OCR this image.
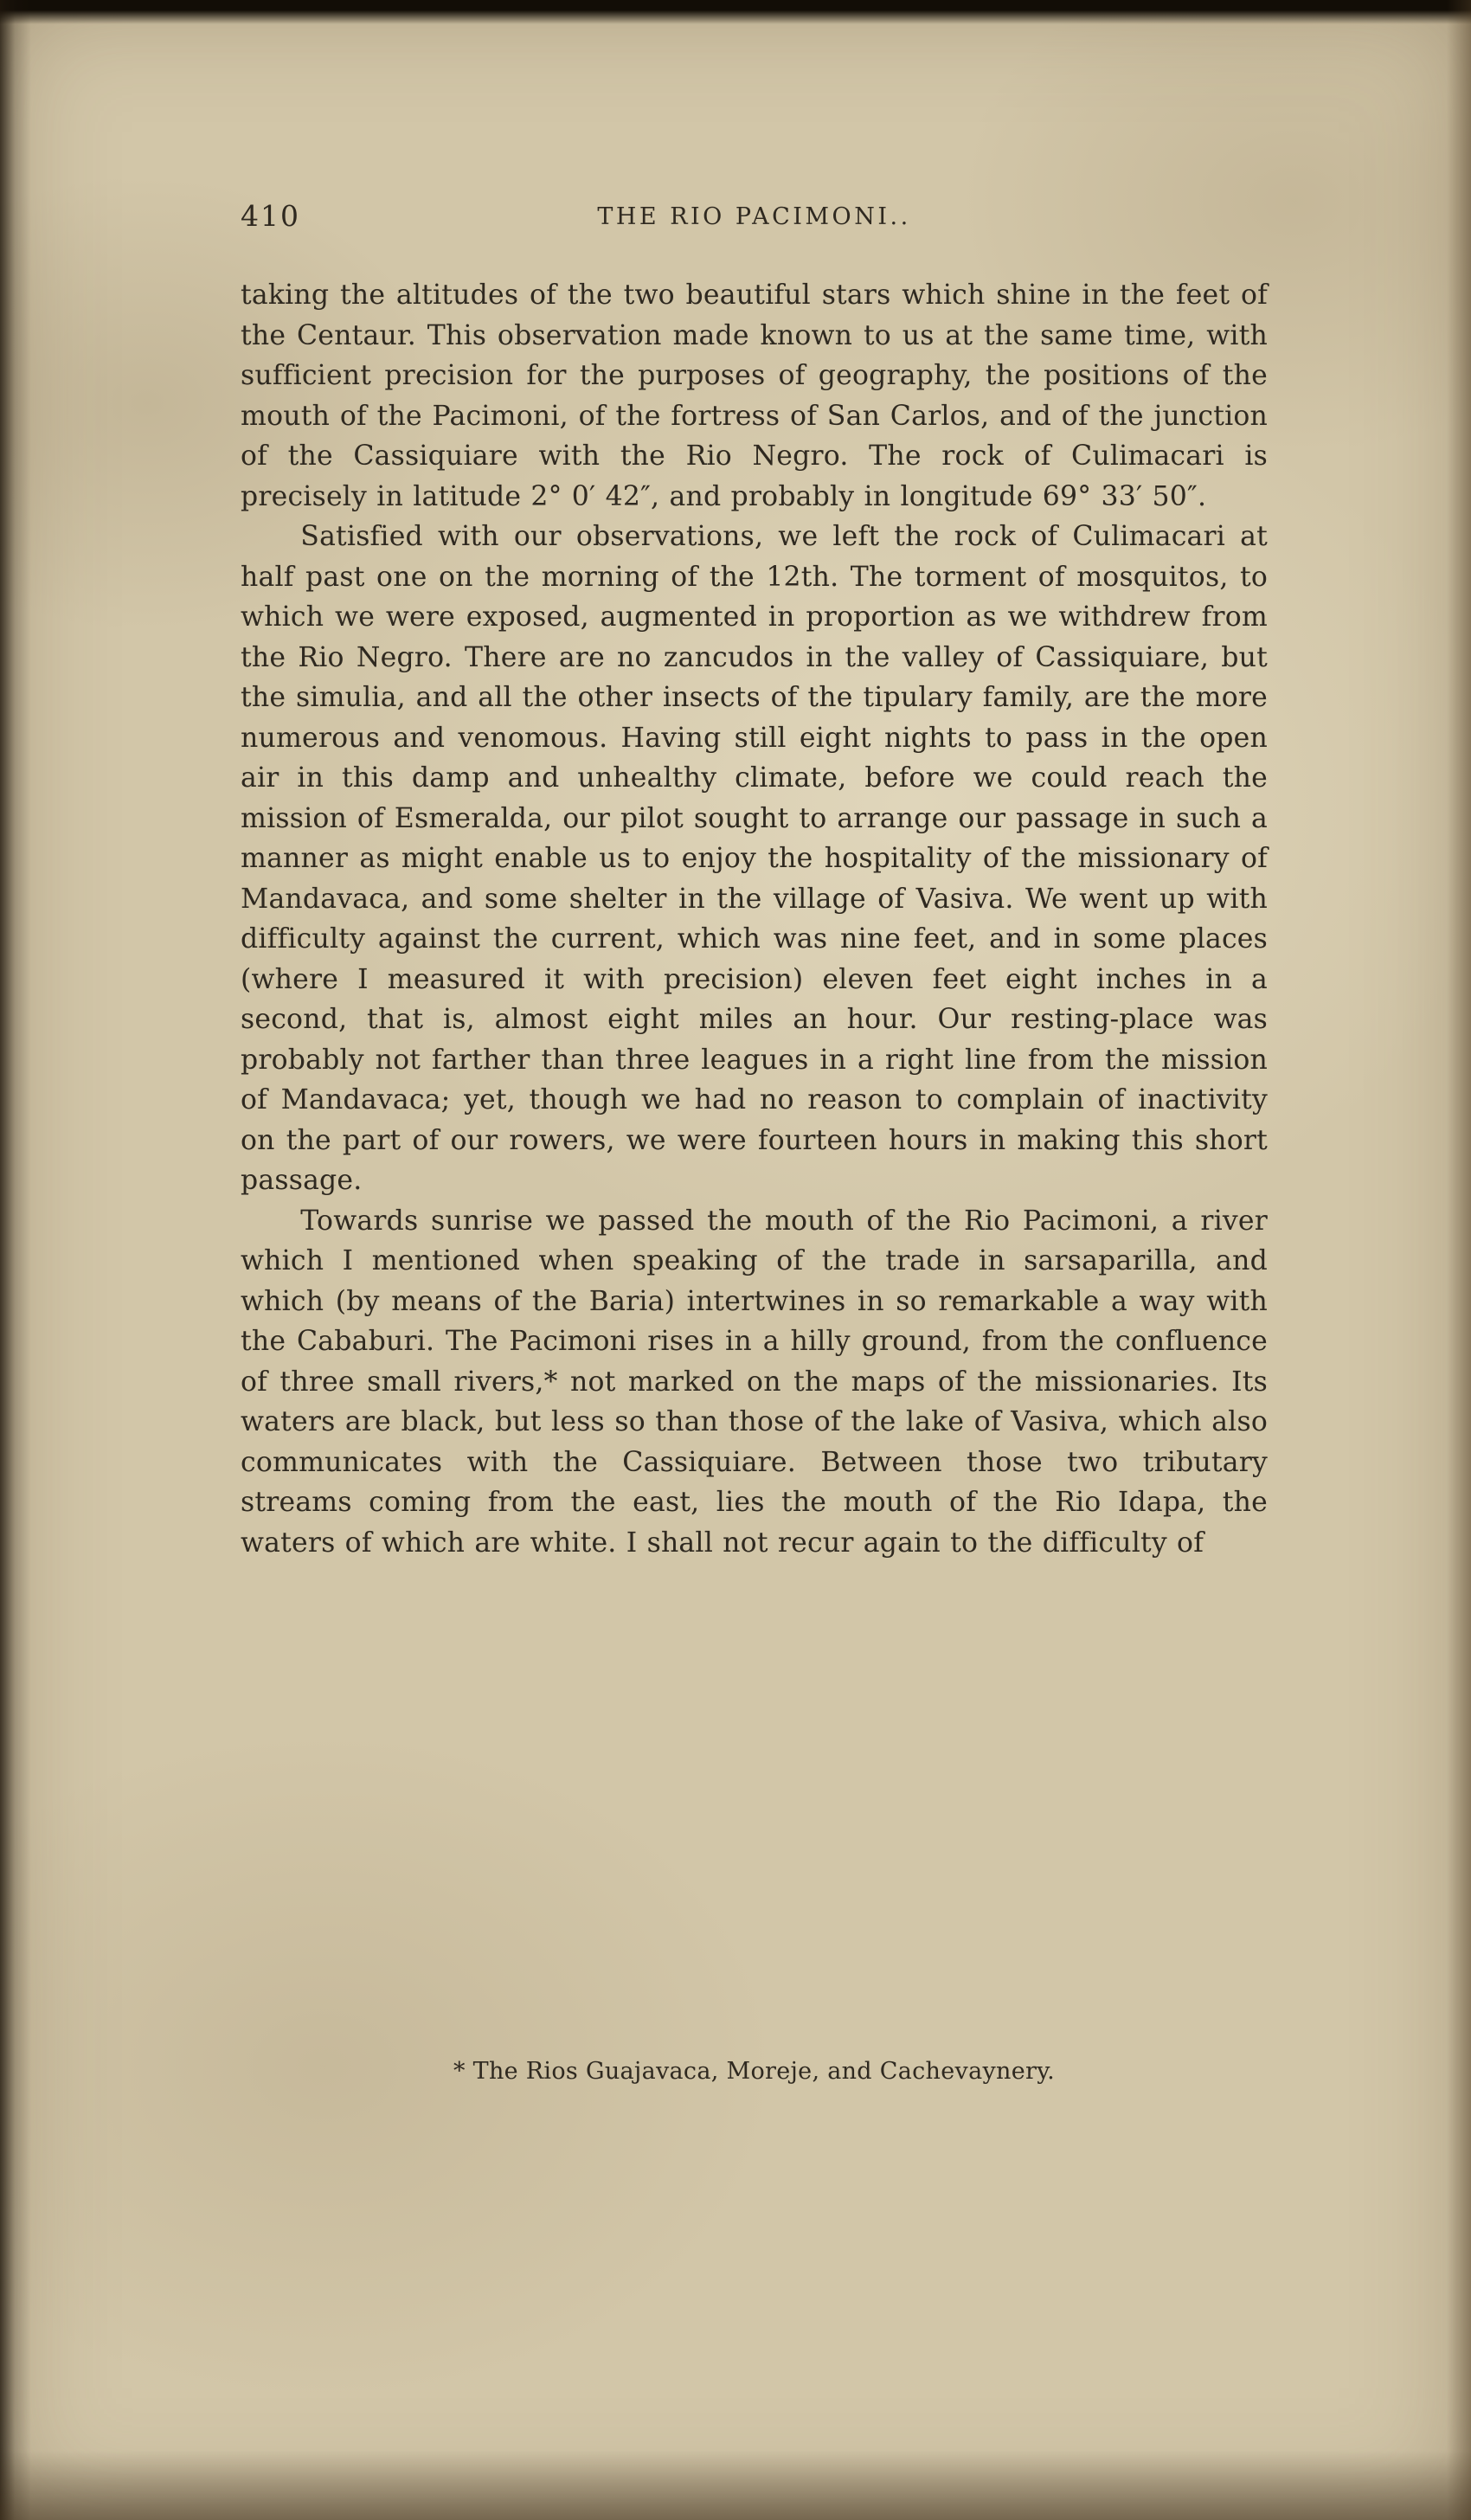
410	THE RIO PACIMONI..

taking the altitudes of the two beautiful stars which shine in the feet of the Centaur. This observation made known to us at the same time, with sufficient precision for the purposes of geography, the positions of the mouth of the Pacimoni, of the fortress of San Carlos, and of the junction of the Cassiquiare with the Rio Negro. The rock of Culimacari is precisely in latitude 2° 0′ 42″, and probably in longitude 69° 33′ 50″.

Satisfied with our observations, we left the rock of Culimacari at half past one on the morning of the 12th. The torment of mosquitos, to which we were exposed, augmented in proportion as we withdrew from the Rio Negro. There are no zancudos in the valley of Cassiquiare, but the simulia, and all the other insects of the tipulary family, are the more numerous and venomous. Having still eight nights to pass in the open air in this damp and unhealthy climate, before we could reach the mission of Esmeralda, our pilot sought to arrange our passage in such a manner as might enable us to enjoy the hospitality of the missionary of Mandavaca, and some shelter in the village of Vasiva. We went up with difficulty against the current, which was nine feet, and in some places (where I measured it with precision) eleven feet eight inches in a second, that is, almost eight miles an hour. Our resting-place was probably not farther than three leagues in a right line from the mission of Mandavaca; yet, though we had no reason to complain of inactivity on the part of our rowers, we were fourteen hours in making this short passage.

Towards sunrise we passed the mouth of the Rio Pacimoni, a river which I mentioned when speaking of the trade in sarsaparilla, and which (by means of the Baria) intertwines in so remarkable a way with the Cababuri. The Pacimoni rises in a hilly ground, from the confluence of three small rivers,* not marked on the maps of the missionaries. Its waters are black, but less so than those of the lake of Vasiva, which also communicates with the Cassiquiare. Between those two tributary streams coming from the east, lies the mouth of the Rio Idapa, the waters of which are white. I shall not recur again to the difficulty of

* The Rios Guajavaca, Moreje, and Cachevaynery.
